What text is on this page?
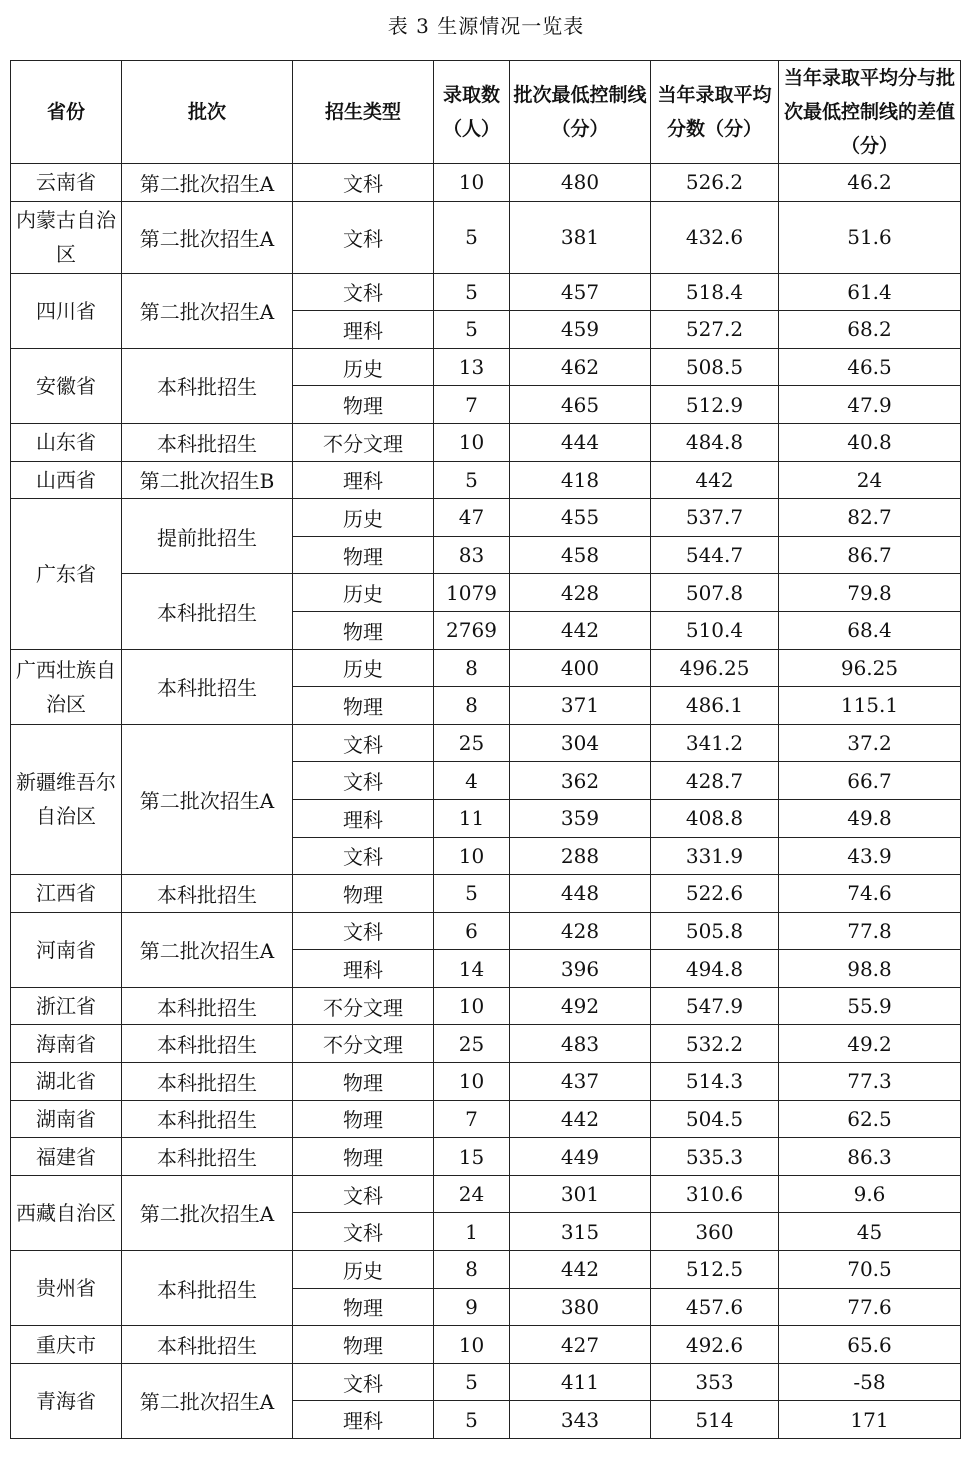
表 3 生源情况一览表
省份	批次	招生类型	录取数（人）	批次最低控制线（分）	当年录取平均分数（分）	当年录取平均分与批次最低控制线的差值（分）
云南省	第二批次招生A	文科	10	480	526.2	46.2
内蒙古自治区	第二批次招生A	文科	5	381	432.6	51.6
四川省	第二批次招生A	文科	5	457	518.4	61.4
		理科	5	459	527.2	68.2
安徽省	本科批招生	历史	13	462	508.5	46.5
		物理	7	465	512.9	47.9
山东省	本科批招生	不分文理	10	444	484.8	40.8
山西省	第二批次招生B	理科	5	418	442	24
广东省	提前批招生	历史	47	455	537.7	82.7
		物理	83	458	544.7	86.7
	本科批招生	历史	1079	428	507.8	79.8
		物理	2769	442	510.4	68.4
广西壮族自治区	本科批招生	历史	8	400	496.25	96.25
		物理	8	371	486.1	115.1
新疆维吾尔自治区	第二批次招生A	文科	25	304	341.2	37.2
		文科	4	362	428.7	66.7
		理科	11	359	408.8	49.8
		文科	10	288	331.9	43.9
江西省	本科批招生	物理	5	448	522.6	74.6
河南省	第二批次招生A	文科	6	428	505.8	77.8
		理科	14	396	494.8	98.8
浙江省	本科批招生	不分文理	10	492	547.9	55.9
海南省	本科批招生	不分文理	25	483	532.2	49.2
湖北省	本科批招生	物理	10	437	514.3	77.3
湖南省	本科批招生	物理	7	442	504.5	62.5
福建省	本科批招生	物理	15	449	535.3	86.3
西藏自治区	第二批次招生A	文科	24	301	310.6	9.6
		文科	1	315	360	45
贵州省	本科批招生	历史	8	442	512.5	70.5
		物理	9	380	457.6	77.6
重庆市	本科批招生	物理	10	427	492.6	65.6
青海省	第二批次招生A	文科	5	411	353	-58
		理科	5	343	514	171
